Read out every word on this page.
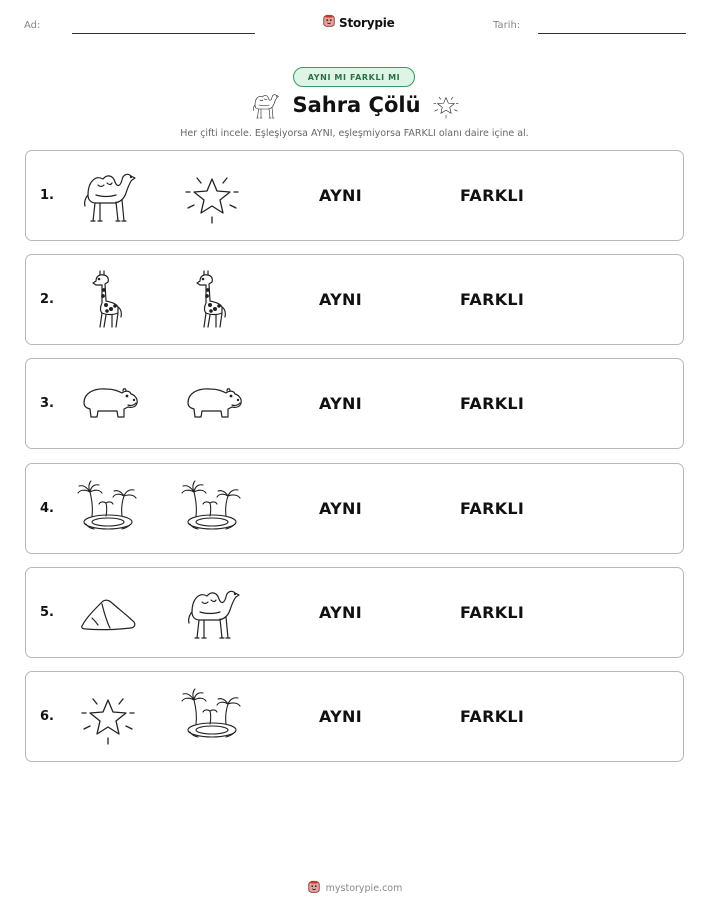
Ad:	Storypie	Tarih:
AYNI MI FARKLI MI
Sahra Çölü
Her çifti incele. Eşleşiyorsa AYNI, eşleşmiyorsa FARKLI olanı daire içine al.
1.	AYNI	FARKLI
2.	AYNI	FARKLI
3.	AYNI	FARKLI
4.	AYNI	FARKLI
5.	AYNI	FARKLI
6.	AYNI	FARKLI
mystorypie.com
